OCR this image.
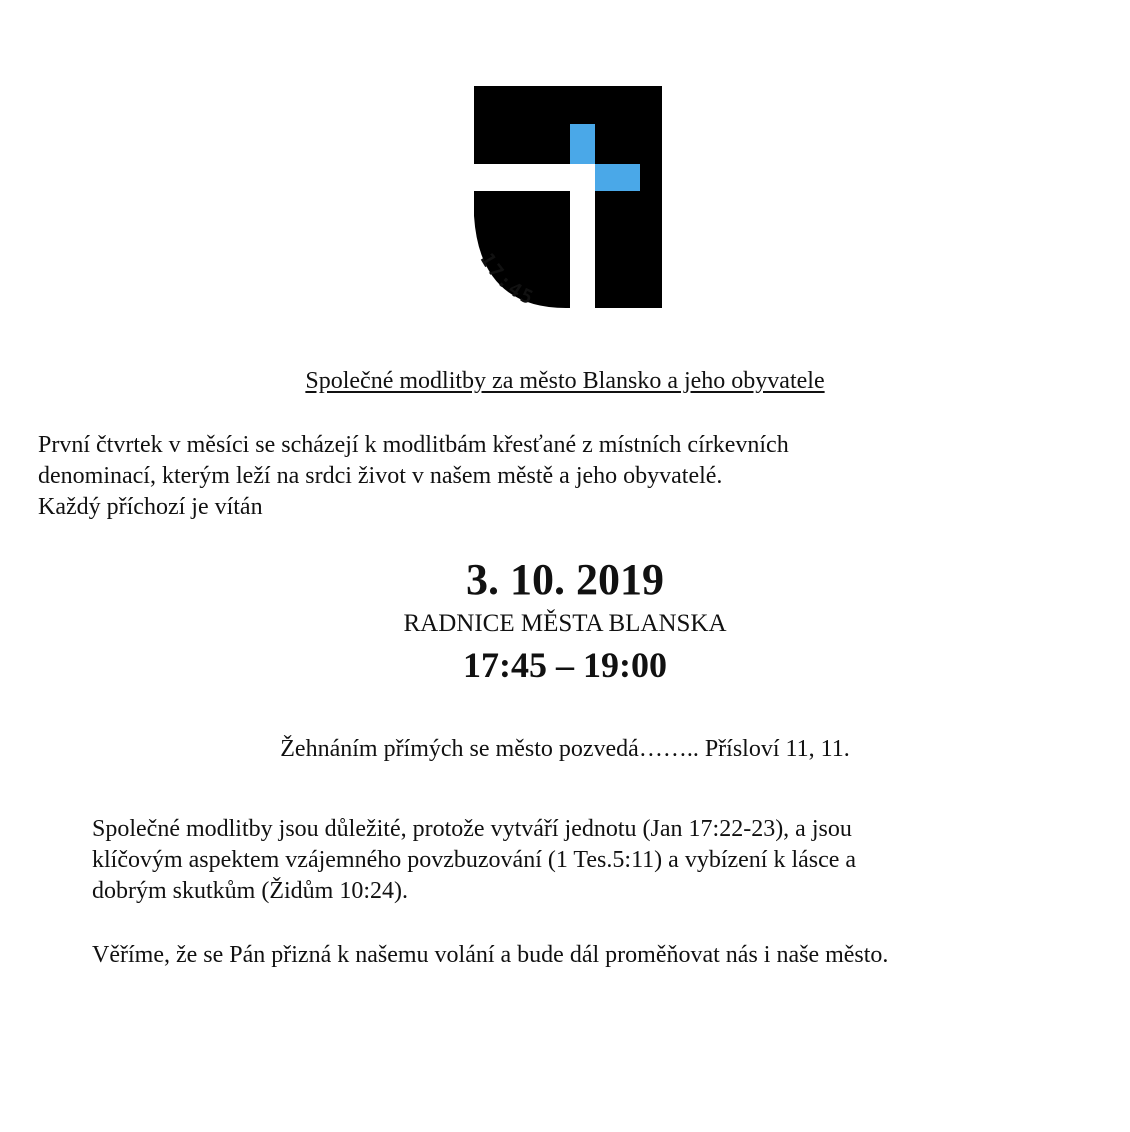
17:45
Společné modlitby za město Blansko a jeho obyvatele

První čtvrtek v měsíci se scházejí k modlitbám křesťané z místních církevních

denominací, kterým leží na srdci život v našem městě a jeho obyvatelé.

Každý příchozí je vítán

3. 10. 2019
RADNICE MĚSTA BLANSKA
17:45 – 19:00
Žehnáním přímých se město pozvedá…….. Přísloví 11, 11.
Společné modlitby jsou důležité, protože vytváří jednotu (Jan 17:22-23), a jsou
klíčovým aspektem vzájemného povzbuzování (1 Tes.5:11) a vybízení k lásce a
dobrým skutkům (Židům 10:24).
Věříme, že se Pán přizná k našemu volání a bude dál proměňovat nás i naše město.
